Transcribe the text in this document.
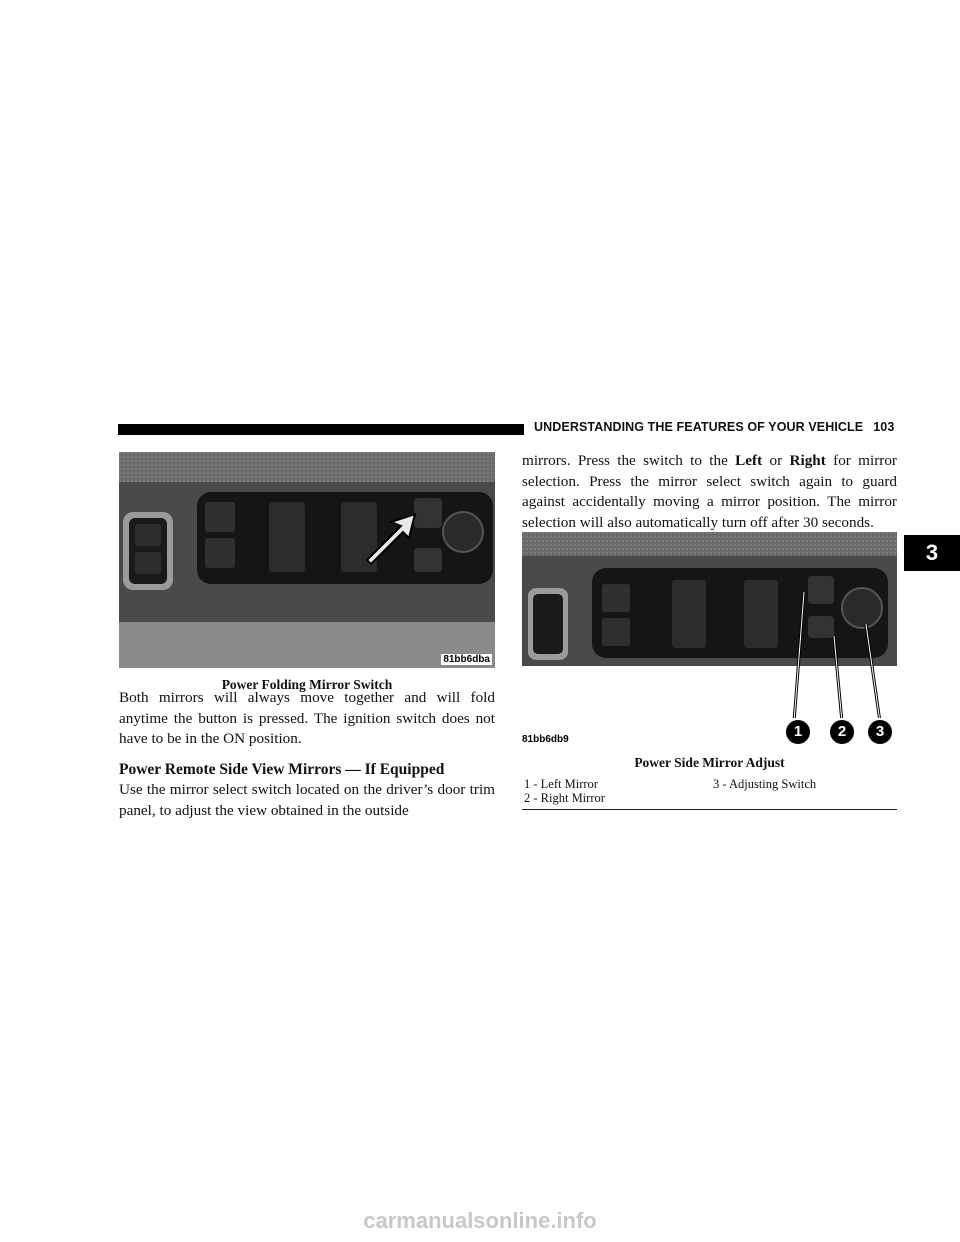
UNDERSTANDING THE FEATURES OF YOUR VEHICLE 103
3
81bb6dba
Power Folding Mirror Switch

Both mirrors will always move together and will fold anytime the button is pressed. The ignition switch does not have to be in the ON position.

Power Remote Side View Mirrors — If Equipped

Use the mirror select switch located on the driver’s door trim panel, to adjust the view obtained in the outside

mirrors. Press the switch to the Left or Right for mirror selection. Press the mirror select switch again to guard against accidentally moving a mirror position. The mirror selection will also automatically turn off after 30 seconds.

1	2	3
81bb6db9
Power Side Mirror Adjust
1 - Left Mirror
2 - Right Mirror
3 - Adjusting Switch
carmanualsonline.info
